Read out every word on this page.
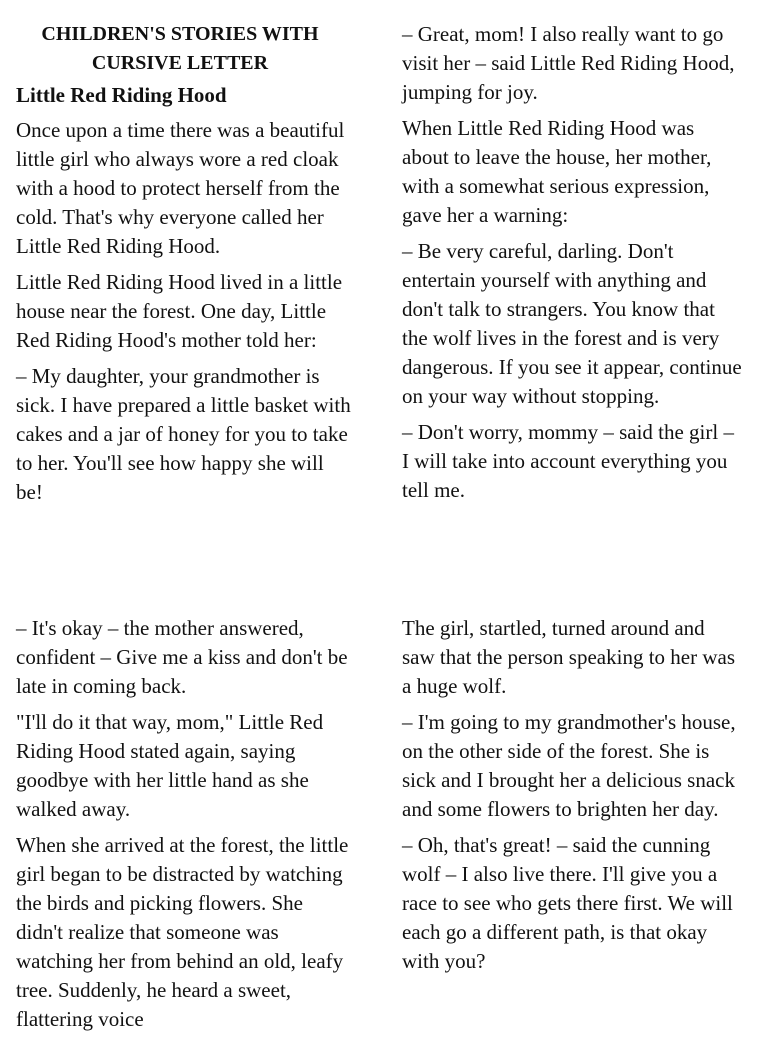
CHILDREN'S STORIES WITH CURSIVE LETTER
Little Red Riding Hood

Once upon a time there was a beautiful little girl who always wore a red cloak with a hood to protect herself from the cold. That's why everyone called her Little Red Riding Hood.

Little Red Riding Hood lived in a little house near the forest. One day, Little Red Riding Hood's mother told her:

– My daughter, your grandmother is sick. I have prepared a little basket with cakes and a jar of honey for you to take to her. You'll see how happy she will be!

– Great, mom! I also really want to go visit her – said Little Red Riding Hood, jumping for joy.

When Little Red Riding Hood was about to leave the house, her mother, with a somewhat serious expression, gave her a warning:

– Be very careful, darling. Don't entertain yourself with anything and don't talk to strangers. You know that the wolf lives in the forest and is very dangerous. If you see it appear, continue on your way without stopping.

– Don't worry, mommy – said the girl – I will take into account everything you tell me.

– It's okay – the mother answered, confident – Give me a kiss and don't be late in coming back.

"I'll do it that way, mom," Little Red Riding Hood stated again, saying goodbye with her little hand as she walked away.

When she arrived at the forest, the little girl began to be distracted by watching the birds and picking flowers. She didn't realize that someone was watching her from behind an old, leafy tree. Suddenly, he heard a sweet, flattering voice

The girl, startled, turned around and saw that the person speaking to her was a huge wolf.

– I'm going to my grandmother's house, on the other side of the forest. She is sick and I brought her a delicious snack and some flowers to brighten her day.

– Oh, that's great! – said the cunning wolf – I also live there. I'll give you a race to see who gets there first. We will each go a different path, is that okay with you?
